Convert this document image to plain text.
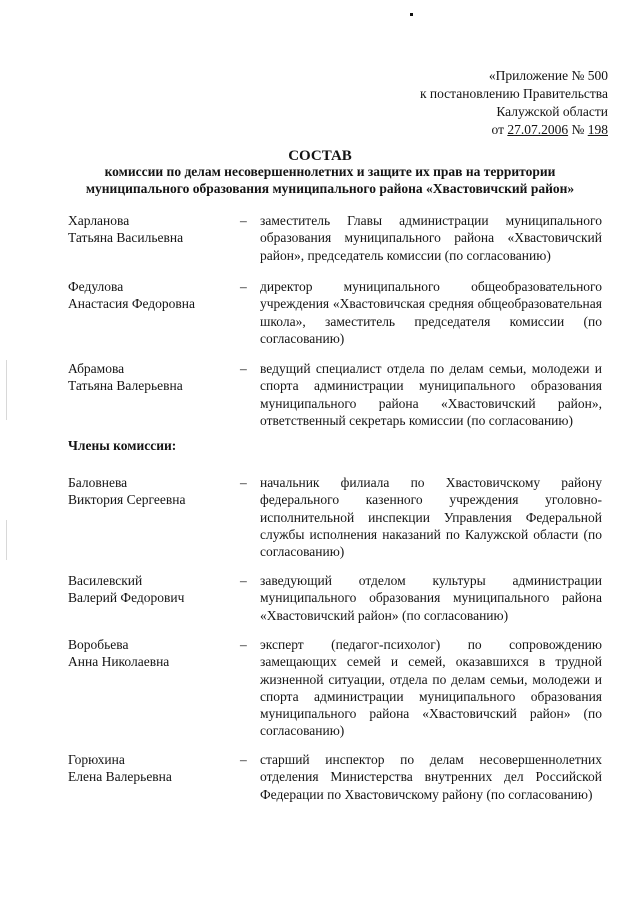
«Приложение № 500
к постановлению Правительства
Калужской области
от 27.07.2006 № 198
СОСТАВ
комиссии по делам несовершеннолетних и защите их прав на территории
муниципального образования муниципального района «Хвастовичский район»
Харланова
Татьяна Васильевна
– заместитель Главы администрации муниципального образования муниципального района «Хвастовичский район», председатель комиссии (по согласованию)
Федулова
Анастасия Федоровна
– директор муниципального общеобразовательного учреждения «Хвастовичская средняя общеобразовательная школа», заместитель председателя комиссии (по согласованию)
Абрамова
Татьяна Валерьевна
– ведущий специалист отдела по делам семьи, молодежи и спорта администрации муниципального образования муниципального района «Хвастовичский район», ответственный секретарь комиссии (по согласованию)
Члены комиссии:
Баловнева
Виктория Сергеевна
– начальник филиала по Хвастовичскому району федерального казенного учреждения уголовно-исполнительной инспекции Управления Федеральной службы исполнения наказаний по Калужской области (по согласованию)
Василевский
Валерий Федорович
– заведующий отделом культуры администрации муниципального образования муниципального района «Хвастовичский район» (по согласованию)
Воробьева
Анна Николаевна
– эксперт (педагог-психолог) по сопровождению замещающих семей и семей, оказавшихся в трудной жизненной ситуации, отдела по делам семьи, молодежи и спорта администрации муниципального образования муниципального района «Хвастовичский район» (по согласованию)
Горюхина
Елена Валерьевна
– старший инспектор по делам несовершеннолетних отделения Министерства внутренних дел Российской Федерации по Хвастовичскому району (по согласованию)
